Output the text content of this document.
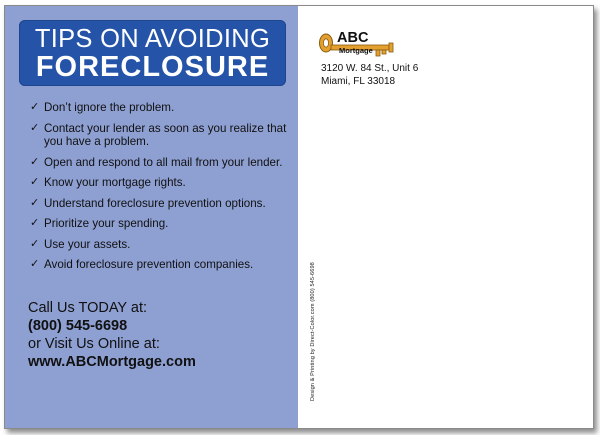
TIPS ON AVOIDING
FORECLOSURE
✓ Don’t ignore the problem.
✓ Contact your lender as soon as you realize that you have a problem.
✓ Open and respond to all mail from your lender.
✓ Know your mortgage rights.
✓ Understand foreclosure prevention options.
✓ Prioritize your spending.
✓ Use your assets.
✓ Avoid foreclosure prevention companies.
Call Us TODAY at:
(800) 545-6698
or Visit Us Online at:
www.ABCMortgage.com
ABC
Mortgage
3120 W. 84 St., Unit 6
Miami, FL 33018
Design & Printing by Direct-Color.com (800) 545-6698
